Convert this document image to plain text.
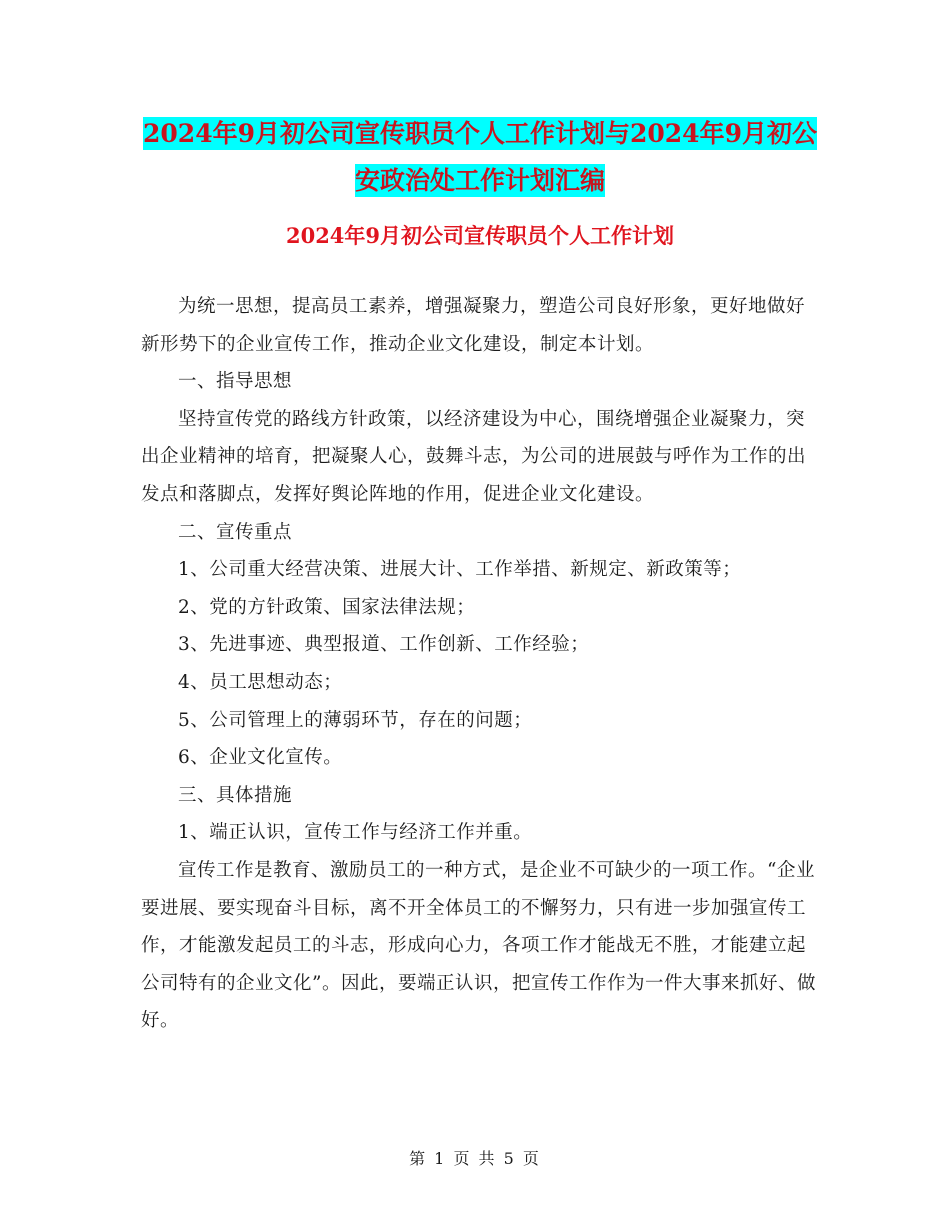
2024年9月初公司宣传职员个人工作计划与2024年9月初公安政治处工作计划汇编
2024年9月初公司宣传职员个人工作计划

为统一思想，提高员工素养，增强凝聚力，塑造公司良好形象，更好地做好新形势下的企业宣传工作，推动企业文化建设，制定本计划。

一、指导思想

坚持宣传党的路线方针政策，以经济建设为中心，围绕增强企业凝聚力，突出企业精神的培育，把凝聚人心，鼓舞斗志，为公司的进展鼓与呼作为工作的出发点和落脚点，发挥好舆论阵地的作用，促进企业文化建设。

二、宣传重点

1、公司重大经营决策、进展大计、工作举措、新规定、新政策等；

2、党的方针政策、国家法律法规；

3、先进事迹、典型报道、工作创新、工作经验；

4、员工思想动态；

5、公司管理上的薄弱环节，存在的问题；

6、企业文化宣传。

三、具体措施

1、端正认识，宣传工作与经济工作并重。

宣传工作是教育、激励员工的一种方式，是企业不可缺少的一项工作。“企业要进展、要实现奋斗目标，离不开全体员工的不懈努力，只有进一步加强宣传工作，才能激发起员工的斗志，形成向心力，各项工作才能战无不胜，才能建立起公司特有的企业文化”。因此，要端正认识，把宣传工作作为一件大事来抓好、做好。

第 1 页 共 5 页
